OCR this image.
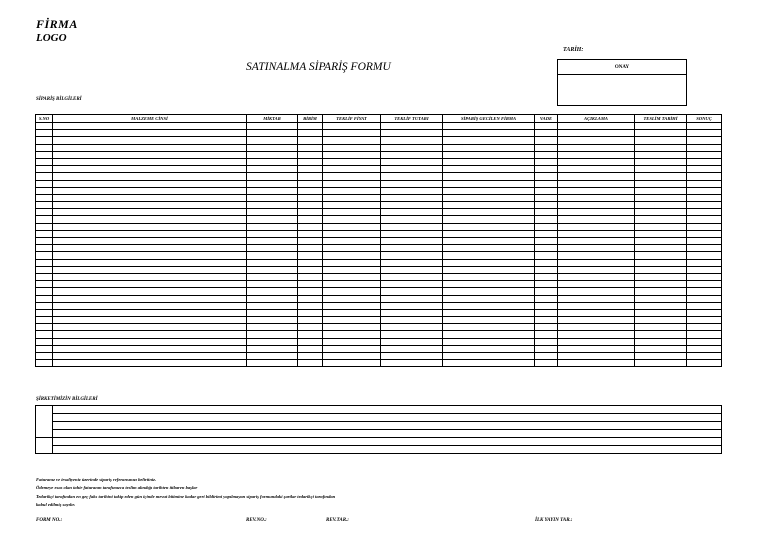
FİRMA
LOGO
SATINALMA SİPARİŞ FORMU
TARİH:
ONAY
SİPARİŞ BİLGİLERİ
S.NO	MALZEME CİNSİ	MİKTAR	BİRİM	TEKLİF FİYAT	TEKLİF TUTARI	SİPARİŞ GECİLEN FİRMA	VADE	AÇIKLAMA	TESLİM TARİHİ	SONUÇ

ŞİRKETİMİZİN BİLGİLERİ

Faturanız ve irsaliyeniz üzerinde sipariş referansınızı belirtiniz.
Ödemeye esas olan tahir faturanın tarafımızca teslim alındığı tarihten itibaren başlar
Tedarikçi tarafından en geç faks tarihini takip eden gün içinde mevut bitimine kadar geri bildirimi yapılmayan sipariş formundaki şartlar tedarikçi tarafından
kabul edilmiş sayılır.
FORM NO.:	REV.NO.:	REV.TAR.:	İLK YAYIN TAR.:
